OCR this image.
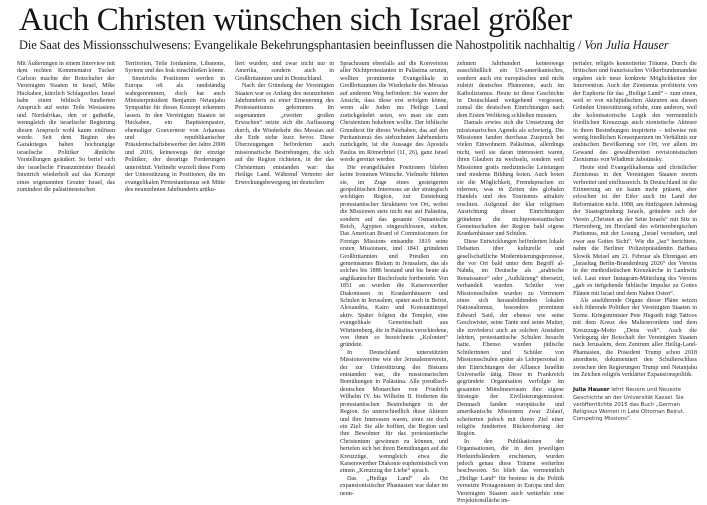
Auch Christen wünschen sich Israel größer
Die Saat des Missionsschulwesens: Evangelikale Bekehrungsphantasien beeinflussen die Nahostpolitik nachhaltig / Von Julia Hauser

Mit Äußerungen in einem Interview mit dem rechten Kommentator Tucker Carlson machte der Botschafter der Vereinigten Staaten in Israel, Mike Huckabee, kürzlich Schlagzeilen. Israel habe einen biblisch fundierten Anspruch auf weite Teile Westasiens und Nordafrikas, den er gutheiße, wenngleich die israelische Regierung diesen Anspruch wohl kaum einlösen werde. Seit dem Beginn des Gazakrieges haben hochrangige israelische Politiker ähnliche Vorstellungen geäußert. So berief sich der israelische Finanzminister Bezalel Smotrich wiederholt auf das Konzept eines sogenannten Greater Israel, das zumindest die palästinensischen

Territorien, Teile Jordaniens, Libanons, Syriens und des Irak einschließen könne.

Smotrichs Positionen werden in Europa oft als randständig wahrgenommen, doch hat auch Ministerpräsident Benjamin Netanjahu Sympathie für dieses Konzept erkennen lassen. In den Vereinigten Staaten ist Huckabee, ein Baptistenpastor, ehemaliger Gouverneur von Arkansas und republikanischer Präsidentschaftsbewerber der Jahre 2008 und 2016, keineswegs der einzige Politiker, der derartige Forderungen unterstützt. Vielmehr wurzelt diese Form der Unterstützung in Positionen, die im evangelikalen Protestantismus seit Mitte des neunzehnten Jahrhunderts artiku-

liert wurden, und zwar nicht nur in Amerika, sondern auch in Großbritannien und in Deutschland.

Nach der Gründung der Vereinigten Staaten war es Anfang des neunzehnten Jahrhunderts zu einer Erneuerung des Protestantismus gekommen. Im sogenannten „zweiten großen Erwachen“ setzte sich die Auffassung durch, die Wiederkehr des Messias auf die Erde stehe kurz bevor. Diese Überzeugungen beförderten auch missionarische Bestrebungen, die sich auf die Region richteten, in der das Christentum entstanden war: das Heilige Land. Während Vertreter der Erweckungsbewegung im deutschen

Sprachraum ebenfalls auf die Konversion aller Nichtprotestanten in Palästina setzten, wollten prominente Evangelikale in Großbritannien die Wiederkehr des Messias auf anderem Weg befördern: Sie waren der Ansicht, dass diese erst erfolgen könne, wenn alle Juden ins Heilige Land zurückgekehrt seien, wo man sie zum Christentum bekehren wollte. Der biblische Grundtext für dieses Vorhaben, das auf den Puritanismus des siebzehnten Jahrhunderts zurückgeht, ist die Aussage des Apostels Paulus im Römerbrief (11, 26), ganz Israel werde gerettet werden.

Die evangelikalen Positionen blieben keine frommen Wünsche. Vielmehr führten sie, im Zuge eines gesteigerten geopolitischen Interesses an der strategisch wichtigen Region, zur Entstehung protestantischer Strukturen vor Ort, wobei die Missionen stets nicht nur auf Palästina, sondern auf das gesamte Osmanische Reich, Ägypten eingeschlossen, zielten. Das American Board of Commissioners for Foreign Missions entsandte 1819 seine ersten Missionare, und 1841 gründeten Großbritannien und Preußen ein gemeinsames Bistum in Jerusalem, das als solches bis 1886 bestand und bis heute als anglikanischer Bischofssitz fortbesteht. Von 1851 an wurden die Kaiserswerther Diakonissen in Krankenhäusern und Schulen in Jerusalem, später auch in Beirut, Alexandria, Kairo und Konstantinopel aktiv. Später folgten die Templer, eine evangelikale Gemeinschaft aus Württemberg, die in Palästina verschiedene, von ihnen so bezeichnete „Kolonien“ gründete.

In Deutschland unterstützten Missionsvereine wie der Jerusalemsverein, der zur Unterstützung des Bistums entstanden war, die missionarischen Bemühungen in Palästina. Alle preußisch-deutschen Monarchen von Friedrich Wilhelm IV. bis Wilhelm II. förderten die protestantischen Bestrebungen in der Region. So unterschiedlich diese Akteure und ihre Interessen waren, einte sie doch ein Ziel: Sie alle hofften, die Region und ihre Bewohner für das protestantische Christentum gewinnen zu können, und beriefen sich bei ihren Bemühungen auf die Kreuzzüge, wenngleich etwa die Kaiserswerther Diakonie euphemistisch von einem „Kreuzzug der Liebe“ sprach.

Das „Heilige Land“ als Ort expansionistischer Phantasien war daher im neun-

zehnten Jahrhundert keineswegs ausschließlich ein US-amerikanisches, sondern auch ein europäisches und nicht zuletzt deutsches Phänomen, auch im Katholizismus. Heute ist diese Geschichte in Deutschland weitgehend vergessen, zumal die deutschen Einrichtungen nach dem Ersten Weltkrieg schließen mussten.

Damals erwies sich die Umsetzung der missionarischen Agenda als schwierig. Die Missionen fanden durchaus Zuspruch bei vielen Einwohnern Palästinas, allerdings nicht, weil sie daran interessiert waren, ihren Glauben zu wechseln, sondern weil Missionen gratis medizinische Leistungen und moderne Bildung boten. Auch boten sie die Möglichkeit, Fremdsprachen zu erlernen, was in Zeiten des globalen Handels und des Tourismus attraktiv erschien. Aufgrund der klar religiösen Ausrichtung dieser Einrichtungen gründeten die nichtprotestantischen Gemeinschaften der Region bald eigene Krankenhäuser und Schulen.

Diese Entwicklungen beförderten lokale Debatten über kulturelle und gesellschaftliche Modernisierungsprozesse, die vor Ort bald unter dem Begriff al-Nahda, im Deutsche als „arabische Renaissance“ oder „Aufklärung“ übersetzt, verhandelt wurden. Schüler von Missionsschulen wurden zu Vertretern eines sich herausbildenden lokalen Nationalismus, besonders prominent Edward Said, der ebenso wie seine Geschwister, seine Tante und seine Mutter, die zuvörderst auch an solchen Anstalten lehrten, protestantische Schulen besucht hatte. Ebenso wurden jüdische Schülerinnen und Schüler von Missionsschulen später als Lehrpersonal in den Einrichtungen der Alliance Israélite Universelle tätig. Diese in Frankreich gegründete Organisation verfolgte im gesamten Mittelmeerraum ihre eigene Strategie der Zivilisierungsmission. Demnach fanden europäische und amerikanische Missionen zwar Zulauf, scheiterten jedoch mit ihrem Ziel einer religiös fundierten Rückeroberung der Region.

In den Publikationen der Organisationen, die in den jeweiligen Herkunftsländern erschienen, wurden jedoch genau diese Träume weiterhin beschworen. So blieb das vermeintlich „Heilige Land“ für bestens in die Politik vernetzte Protagonisten in Europa und den Vereinigten Staaten auch weiterhin eine Projektionsfläche im-

perialer, religiös konnotierter Träume. Durch die britischen und französischen Völkerbundsmandate ergaben sich neue konkrete Möglichkeiten der Intervention. Auch der Zionismus profitierte von der Euphorie für das „Heilige Land“ – zum einen, weil er von nichtjüdischen Akteuren aus diesen Gründen Unterstützung erfuhr, zum anderen, weil die kolonisatorische Logik des vermeintlich friedlichen Kreuzzugs auch zionistische Akteure in ihren Bestrebungen inspirierte – teilweise mit wenig friedlichen Konsequenzen im Verhältnis zur arabischen Bevölkerung vor Ort, vor allem im Gewand des gewaltbereiten revisionistischen Zionismus von Wladimir Jabotinsky.

Heute sind Evangelikalismus und christlicher Zionismus in den Vereinigten Staaten enorm verbreitet und einflussreich. In Deutschland ist die Erinnerung an sie kaum mehr präsent, aber erloschen ist der Eifer auch im Land der Reformation nicht. 1998, am fünfzigsten Jahrestag der Staatsgründung Israels, gründete sich der Verein „Christen an der Seite Israels“ mit Sitz in Herrenberg, im Herzland des württembergischen Pietismus, mit der Losung „Israel verstehen, und zwar aus Gottes Sicht“. Wie die „taz“ berichtete, nahm die Berliner Polizeipräsidentin Barbara Slowik Meisel am 21. Februar als Ehrengast am „Israeltag Berlin-Brandenburg 2026“ des Vereins in der methodistischen Kreuzkirche in Lankwitz teil. Laut einer Instagram-Mitteilung des Vereins „gab es tiefgehende biblische Impulse zu Gottes Plänen mit Israel und dem Nahen Osten“.

Als ausführende Organe dieser Pläne setzen sich führende Politiker der Vereinigten Staaten in Szene. Kriegsminister Pete Hegseth trägt Tattoos mit dem Kreuz des Malteserordens und dem Kreuzzugs-Motto „Deus vult“. Auch die Verlegung der Botschaft der Vereinigten Staaten nach Jerusalem, dem Zentrum aller Heilig-Land-Phantasien, die Präsident Trump schon 2018 anordnete, dokumentiert den Schulterschluss zwischen den Regierungen Trump und Netanjahu im Zeichen religiös verklärter Expansionspolitik.

Julia Hauser lehrt Neuere und Neueste Geschichte an der Universität Kassel. Sie veröffentlichte 2015 das Buch „German Religious Women in Late Ottoman Beirut. Competing Missions“.
